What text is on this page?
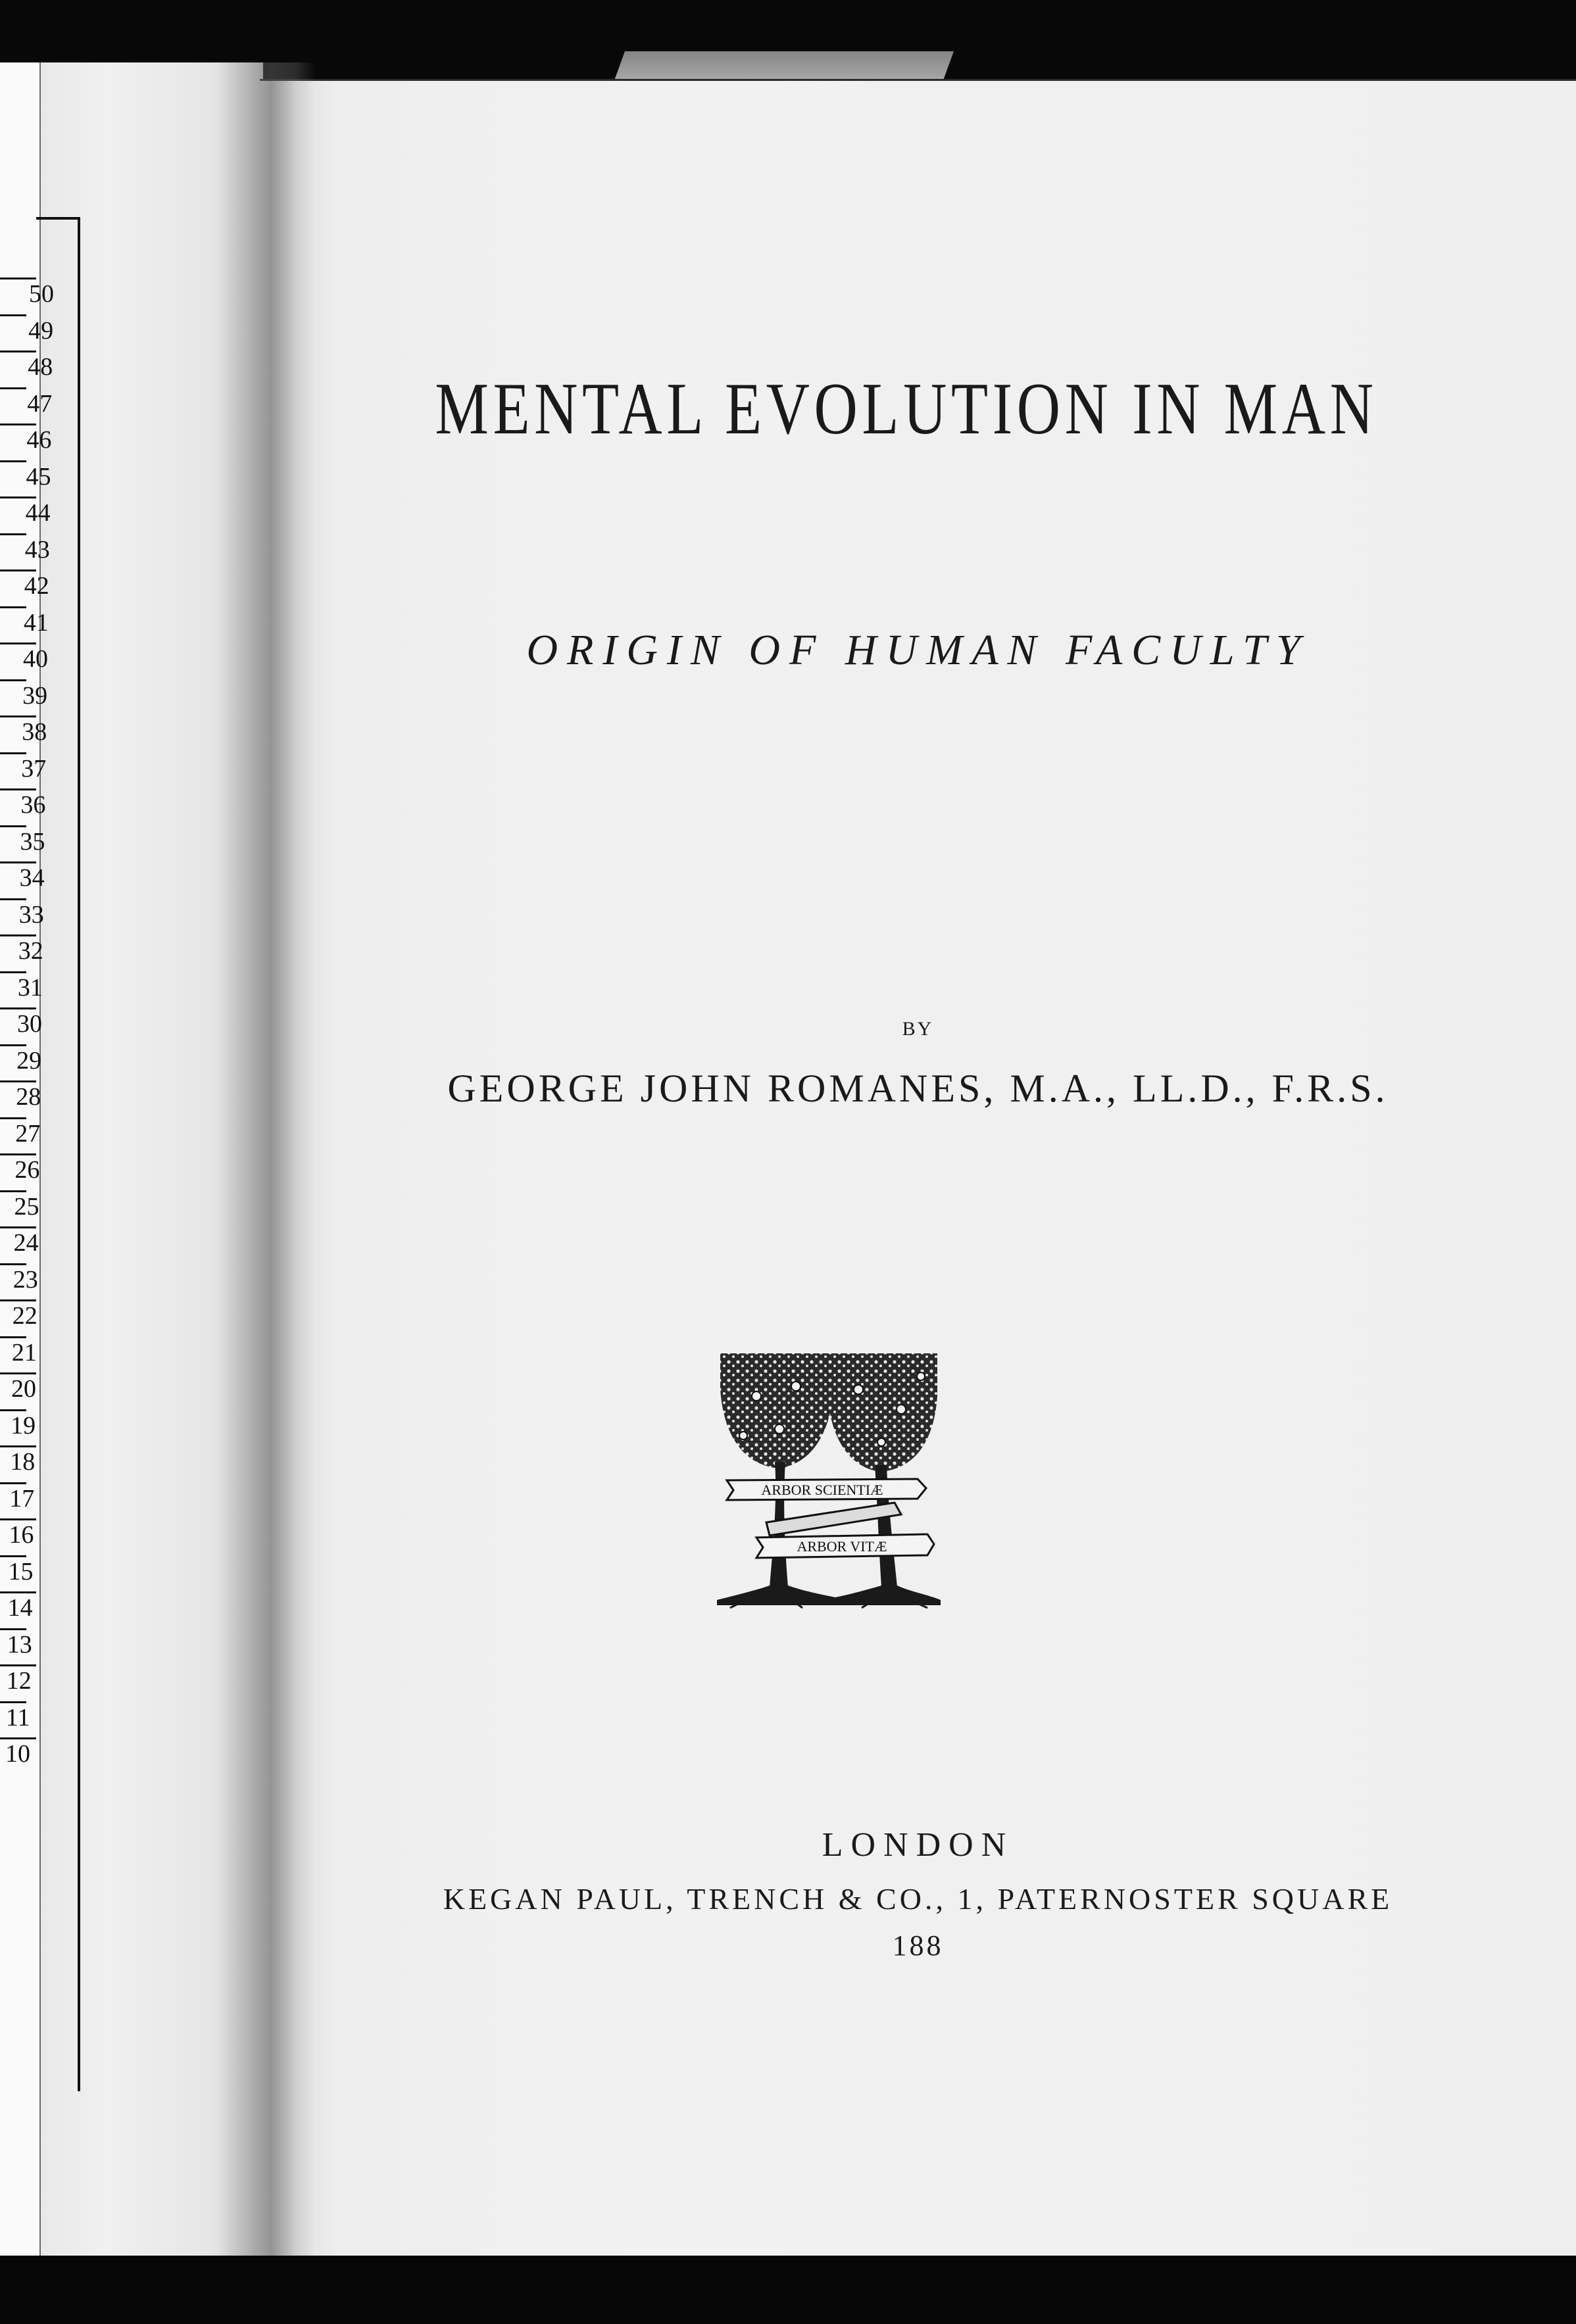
50
49
48
47
46
45
44
43
42
41
40
39
38
37
36
35
34
33
32
31
30
29
28
27
26
25
24
23
22
21
20
19
18
17
16
15
14
13
12
11
10
MENTAL EVOLUTION IN MAN
ORIGIN OF HUMAN FACULTY
BY
GEORGE JOHN ROMANES, M.A., LL.D., F.R.S.
ARBOR SCIENTIÆ
ARBOR VITÆ
LONDON
KEGAN PAUL, TRENCH & CO., 1, PATERNOSTER SQUARE
188
